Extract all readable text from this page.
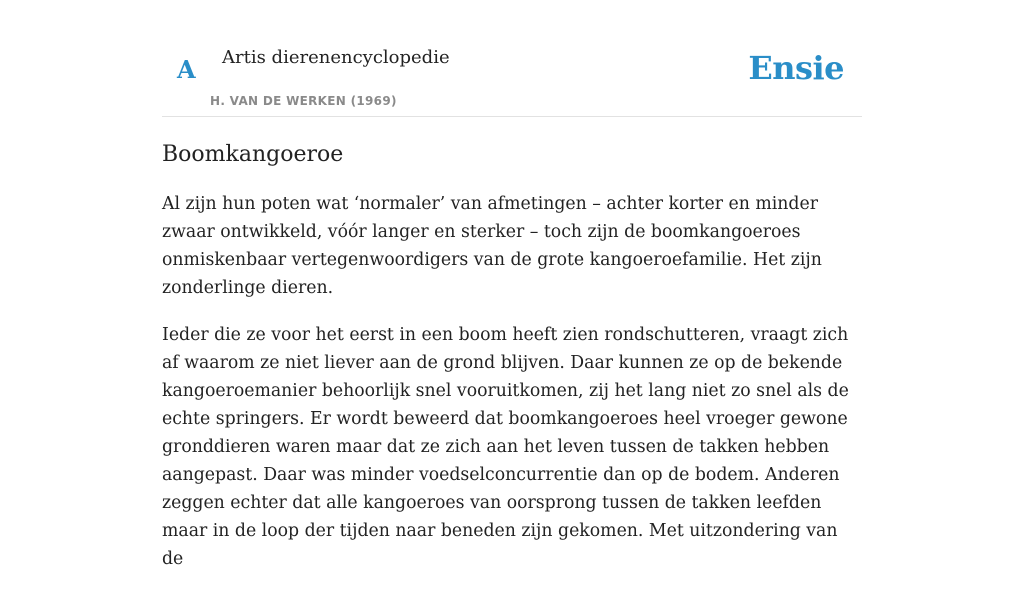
A Artis dierenencyclopedie
H. VAN DE WERKEN (1969)
Ensie
Boomkangoeroe

Al zijn hun poten wat ‘normaler’ van afmetingen – achter korter en minder zwaar ontwikkeld, vóór langer en sterker – toch zijn de boomkangoeroes onmiskenbaar vertegenwoordigers van de grote kangoeroefamilie. Het zijn zonderlinge dieren.

Ieder die ze voor het eerst in een boom heeft zien rondschutteren, vraagt zich af waarom ze niet liever aan de grond blijven. Daar kunnen ze op de bekende kangoeroemanier behoorlijk snel vooruitkomen, zij het lang niet zo snel als de echte springers. Er wordt beweerd dat boomkangoeroes heel vroeger gewone gronddieren waren maar dat ze zich aan het leven tussen de takken hebben aangepast. Daar was minder voedselconcurrentie dan op de bodem. Anderen zeggen echter dat alle kangoeroes van oorsprong tussen de takken leefden maar in de loop der tijden naar beneden zijn gekomen. Met uitzondering van de
